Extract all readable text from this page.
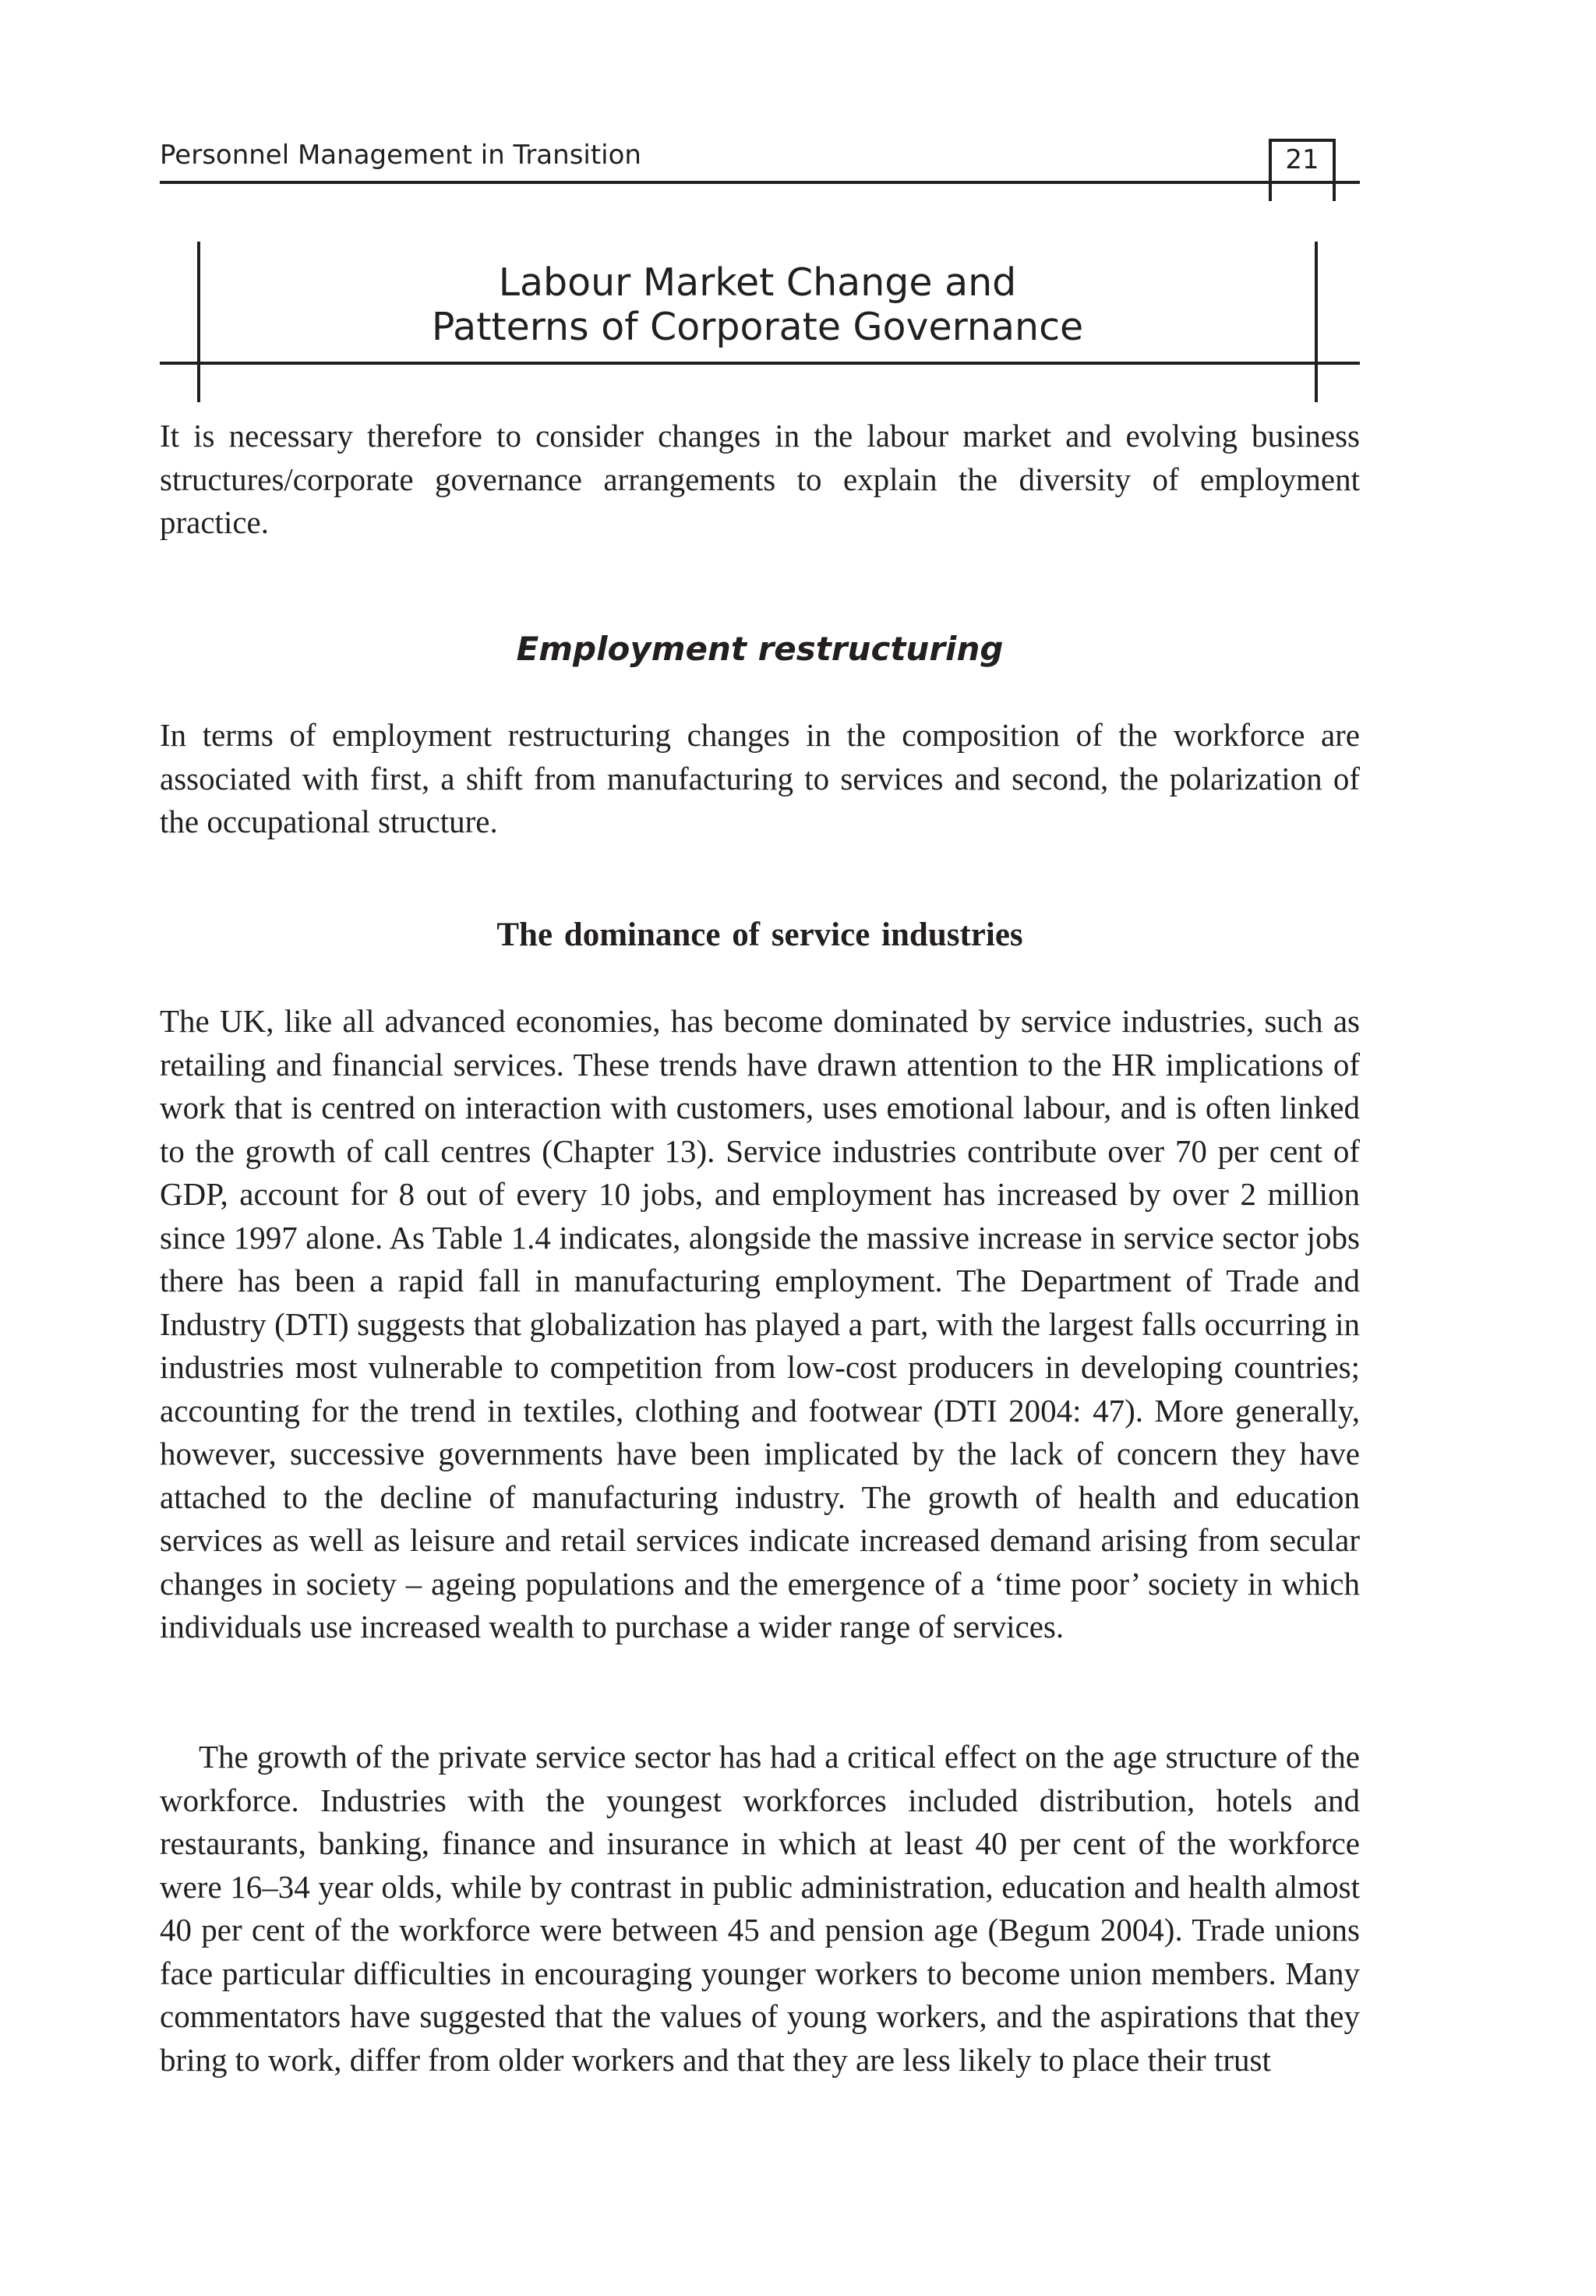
Personnel Management in Transition	21
Labour Market Change and
Patterns of Corporate Governance

It is necessary therefore to consider changes in the labour market and evolving business structures/corporate governance arrangements to explain the diversity of employment practice.

Employment restructuring

In terms of employment restructuring changes in the composition of the workforce are associated with first, a shift from manufacturing to services and second, the polarization of the occupational structure.

The dominance of service industries

The UK, like all advanced economies, has become dominated by service industries, such as retailing and financial services. These trends have drawn attention to the HR implications of work that is centred on interaction with customers, uses emotional labour, and is often linked to the growth of call centres (Chapter 13). Service industries contribute over 70 per cent of GDP, account for 8 out of every 10 jobs, and employment has increased by over 2 million since 1997 alone. As Table 1.4 indicates, alongside the massive increase in service sector jobs there has been a rapid fall in manufacturing employment. The Department of Trade and Industry (DTI) suggests that globalization has played a part, with the largest falls occurring in industries most vulnerable to competition from low-cost producers in developing countries; accounting for the trend in textiles, clothing and footwear (DTI 2004: 47). More generally, however, successive governments have been implicated by the lack of concern they have attached to the decline of manufacturing industry. The growth of health and education services as well as leisure and retail services indicate increased demand arising from secular changes in society – ageing populations and the emergence of a ‘time poor’ society in which individuals use increased wealth to purchase a wider range of services.

The growth of the private service sector has had a critical effect on the age structure of the workforce. Industries with the youngest workforces included distribution, hotels and restaurants, banking, finance and insurance in which at least 40 per cent of the workforce were 16–34 year olds, while by contrast in public administration, education and health almost 40 per cent of the workforce were between 45 and pension age (Begum 2004). Trade unions face particular difficulties in encouraging younger workers to become union members. Many commentators have suggested that the values of young workers, and the aspirations that they bring to work, differ from older workers and that they are less likely to place their trust
